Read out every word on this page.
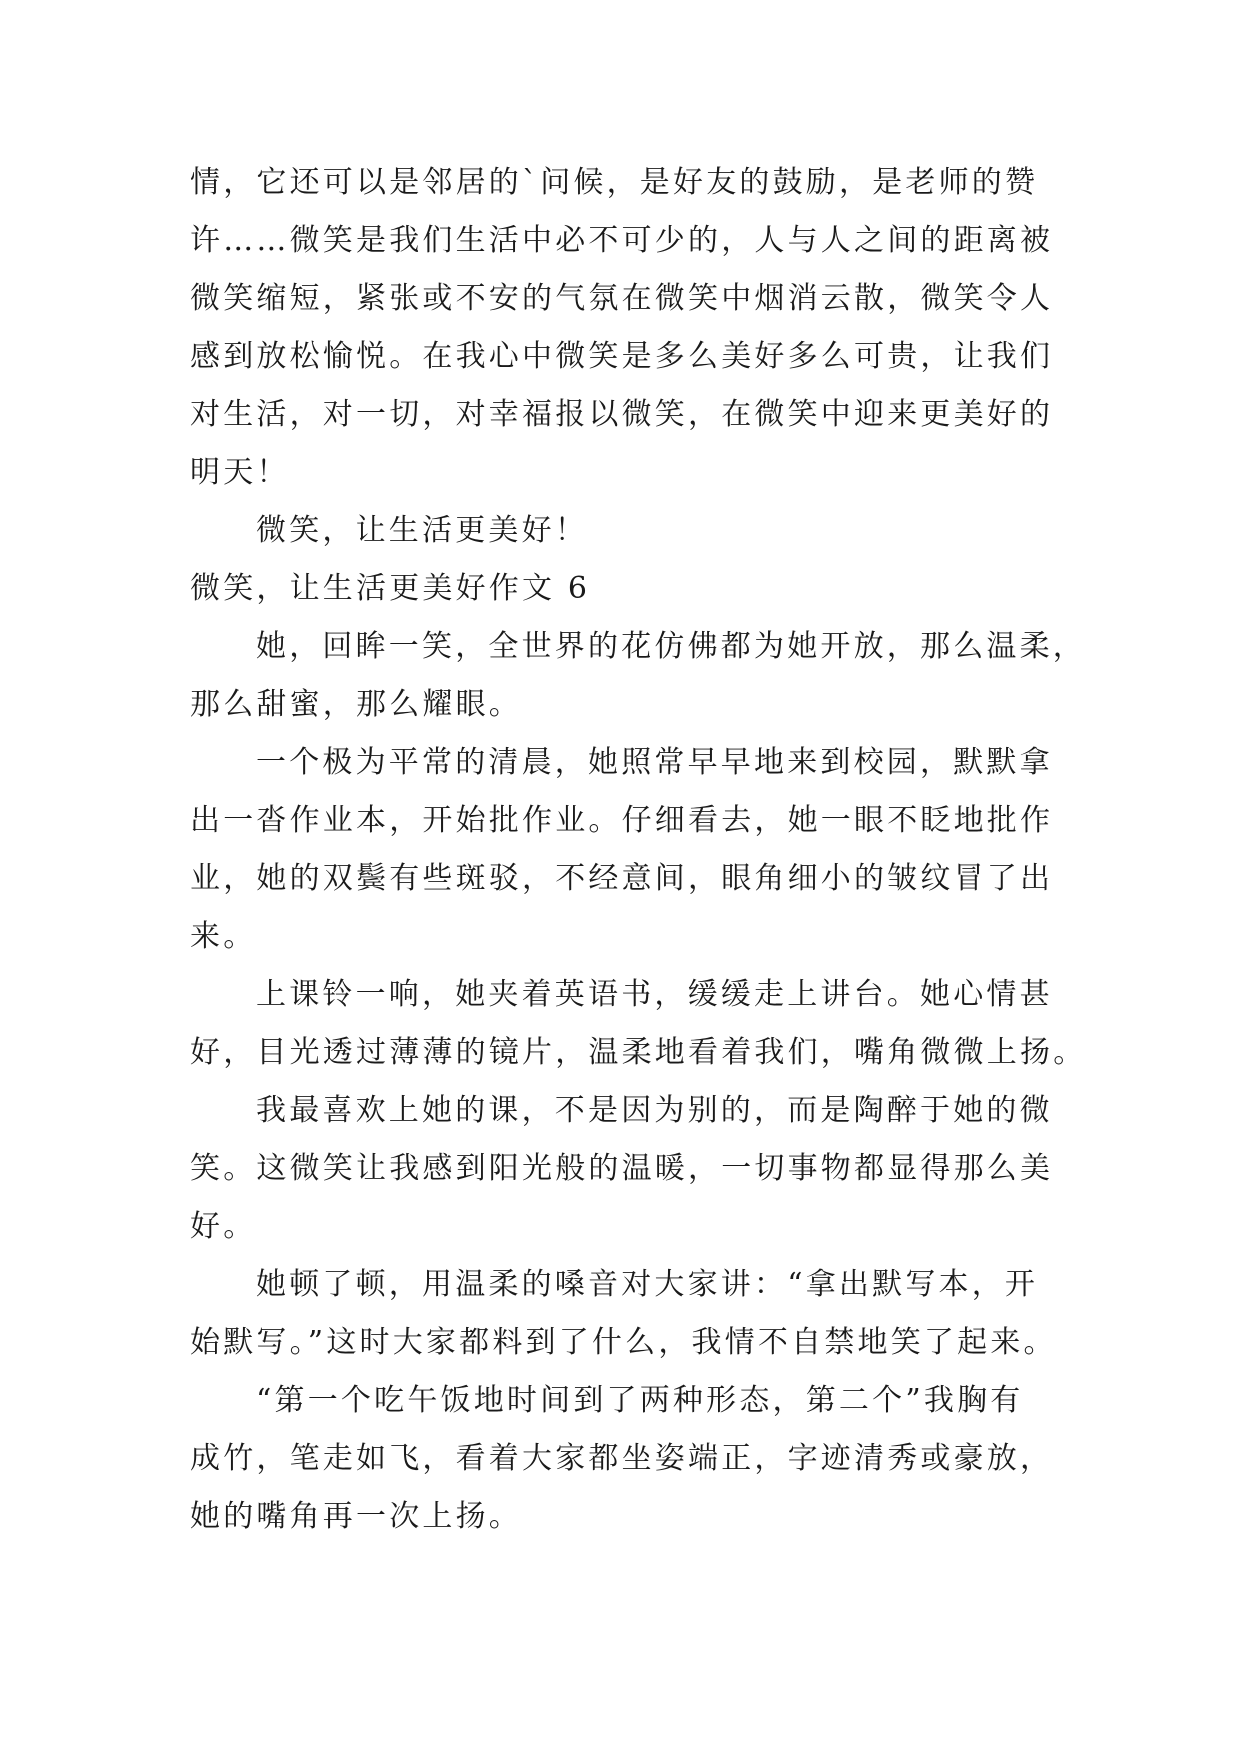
情，它还可以是邻居的`问候，是好友的鼓励，是老师的赞
许……微笑是我们生活中必不可少的，人与人之间的距离被
微笑缩短，紧张或不安的气氛在微笑中烟消云散，微笑令人
感到放松愉悦。在我心中微笑是多么美好多么可贵，让我们
对生活，对一切，对幸福报以微笑，在微笑中迎来更美好的
明天！
微笑，让生活更美好！
微笑，让生活更美好作文 6
她，回眸一笑，全世界的花仿佛都为她开放，那么温柔，
那么甜蜜，那么耀眼。
一个极为平常的清晨，她照常早早地来到校园，默默拿
出一沓作业本，开始批作业。仔细看去，她一眼不眨地批作
业，她的双鬓有些斑驳，不经意间，眼角细小的皱纹冒了出
来。
上课铃一响，她夹着英语书，缓缓走上讲台。她心情甚
好，目光透过薄薄的镜片，温柔地看着我们，嘴角微微上扬。
我最喜欢上她的课，不是因为别的，而是陶醉于她的微
笑。这微笑让我感到阳光般的温暖，一切事物都显得那么美
好。
她顿了顿，用温柔的嗓音对大家讲：“拿出默写本，开
始默写。”这时大家都料到了什么，我情不自禁地笑了起来。
“第一个吃午饭地时间到了两种形态，第二个”我胸有
成竹，笔走如飞，看着大家都坐姿端正，字迹清秀或豪放，
她的嘴角再一次上扬。
